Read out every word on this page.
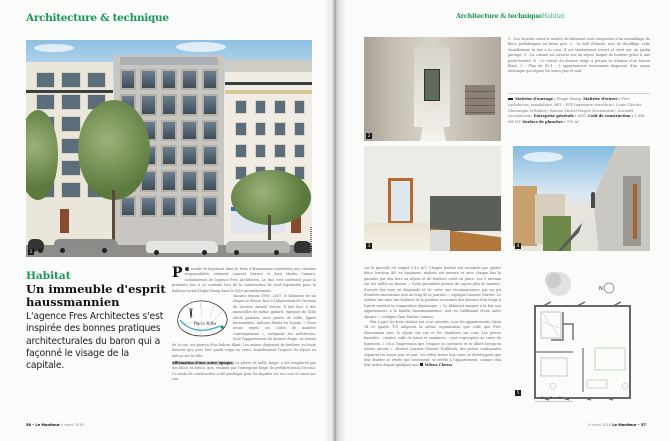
Architecture & technique
1
Habitat
Un immeuble d'esprit haussmannien
L'agence Fres Architectes s'est inspirée des bonnes pratiques architecturales du baron qui a façonné le visage de la capitale.

P rendre le logement dans le Paris d'Haussmann représente une certaine responsabilité, estiment Laurent Gravier et Sara Martin Camara, cofondateurs de l'agence Fres Architectes. Le duo s'est confronté pour la première fois à ce contexte lors de la construction de neuf logements pour le bailleur social Elogie-Siemp dans le XIXe arrondissement.

Paris XIXe

Vacante depuis 1960, 2007, le bâtiment de six étages se dresse face à l'alignement de l'avenue du docteur Arnold Netter. Il fait face à des immeubles de même gabarit, typiques du XIXe siècle parisien, avec pierre de taille, lignes horizontales, balcons filants en façade. « Nous avons repris ces codes de manière contemporaine », indiquent les architectes. Seul l'appartement du dernier étage, en retrait de la rue, est pourvu d'un balcon filant. Les autres disposent de fenêtres en toute hauteur qui, avec leur garde-corps en verre, transforment l'espace du séjour en balcon sur la ville.

Affirmation d'une autre époque. La pierre de taille, beige, a été remplacée par des blocs en béton, gris, réalisés par l'entreprise beige de préfabrication Decomo. Ce mode de construction a été privilégié pour les façades est sur cour et ouest sur rue,

56 • Le Moniteur 9 mars 2018
Architecture & techniqueHabitat
2
3	4
1 - Les façades ouest et arrière du bâtiment sont composées d'un assemblage de blocs préfabriqués en béton gris. 2 - Le hall d'entrée, tout de décaffage, relie visuellement la rue à la cour. Il est entièrement ouvert et vitré sur un jardin partagé. 3 - La cuisine est ouverte sur un séjour baigné de lumière grâce à une porte-fenêtre. 4 - Le retrait du dernier étage a permis la création d'un balcon filant. 5 - Plan du R+1 : 2 appartements traversants disposent d'un noyau technique qui sépare les zones jour et nuit.
Maîtrise d'ouvrage : Elogie-Siemp. Maîtrise d'œuvre : Fres Architectes, mandataire. BET : EVP Ingénierie (structure), Louis Choulet (thermique et fluides), Bureau Michel Forgue (économiste), Aucoufit (acousticien). Entreprise générale : AMT. Coût de construction : 1,996 M€ HT. Surface de plancher : 570 m².

car la parcelle est exiguë (210 m²). Chaque fenêtre est encadrée par quatre blocs (environ 40) en épaisseur, réalisés sur mesure et avec chaque fois la garantie par des tiers au séjour et de fenêtres coulé en place. Les 5 niveaux ont été taillés au biseau. « Cette géométrie permet de capter plus de lumière, d'ouvrir des vues en diagonale et de créer une reconnaissance par un jeu d'ombres mouvantes tout au long de la journée », explique Laurent Gravier. Le rythme des axes des fenêtres et la position en termes des biseaux d'un étage à l'autre rendent la composition dynamique. « Ce bâtiment marque à la fois son appartenance à la famille haussmannienne, tout en s'affirmant d'une autre époque », souligne Sara Martin Camara.

Mis à part les trois studios sur cour orientés, tous les appartements (deux T4 et quatre T3) adoptent la même organisation que celle que Fres Haussmann avec le séjour sur rue et les chambres sur cour. Les pièces humides – cuisine, salle de bains et sanitaires – sont regroupées au cœur du logement. « On a l'impression que l'espace se contracte et se dilate lorsqu'on tourne autour », observe Laurent Gravier. D'ailleurs, des portes coulissantes séparent les zones jour et nuit. Ces idées lentes aux cotes se développent que leur fenêtre se révèle que lentement, se révèle à l'appartement, comme cela leur arrive depuis quelques ans. Milena Chessa

N
5
0 2 5
9 mars 2018 Le Moniteur • 57
